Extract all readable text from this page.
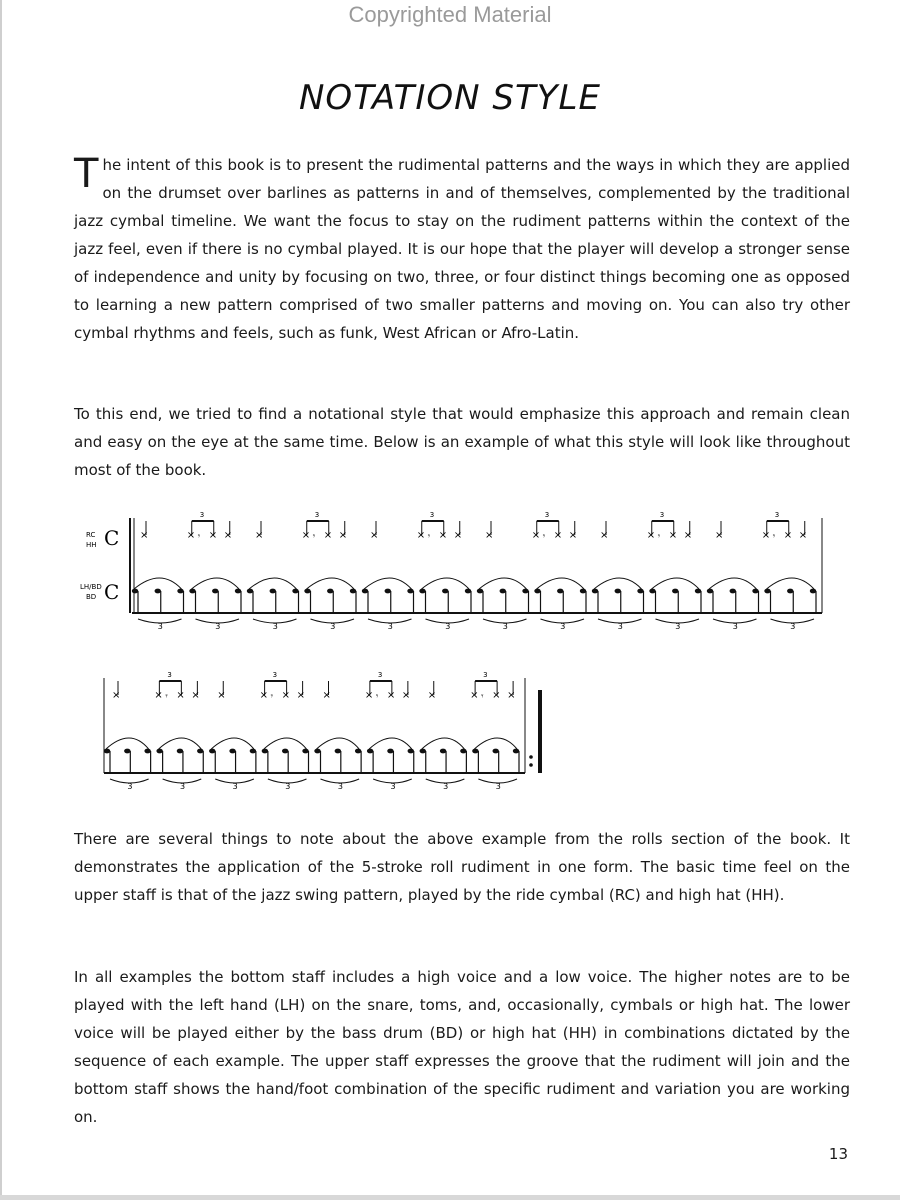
Copyrighted Material
NOTATION STYLE

The intent of this book is to present the rudimental patterns and the ways in which they are applied on the drumset over barlines as patterns in and of themselves, complemented by the traditional jazz cymbal timeline. We want the focus to stay on the rudiment patterns within the context of the jazz feel, even if there is no cymbal played. It is our hope that the player will develop a stronger sense of independence and unity by focusing on two, three, or four distinct things becoming one as opposed to learning a new pattern comprised of two smaller patterns and moving on. You can also try other cymbal rhythms and feels, such as funk, West African or Afro-Latin.

To this end, we tried to find a notational style that would emphasize this approach and remain clean and easy on the eye at the same time. Below is an example of what this style will look like throughout most of the book.

3
×	× ×
3
𝄾 ×
3	3
×	× ×
3
𝄾 ×
3	3
×	× ×
3
𝄾 ×
3	3
×	× ×
3
𝄾 ×
3	3
×	× ×
3
𝄾 ×
3	3
×	× ×
3
𝄾 ×
3
3
×	× ×
3
𝄾 ×
3	3
×	× ×
3
𝄾 ×
3	3
×	× ×
3
𝄾 ×
3	3
×	× ×
3
𝄾 ×
3
RC
HH
LH/BD
BD
C
C

There are several things to note about the above example from the rolls section of the book. It demonstrates the application of the 5-stroke roll rudiment in one form. The basic time feel on the upper staff is that of the jazz swing pattern, played by the ride cymbal (RC) and high hat (HH).

In all examples the bottom staff includes a high voice and a low voice. The higher notes are to be played with the left hand (LH) on the snare, toms, and, occasionally, cymbals or high hat. The lower voice will be played either by the bass drum (BD) or high hat (HH) in combinations dictated by the sequence of each example. The upper staff expresses the groove that the rudiment will join and the bottom staff shows the hand/foot combination of the specific rudiment and variation you are working on.

13
